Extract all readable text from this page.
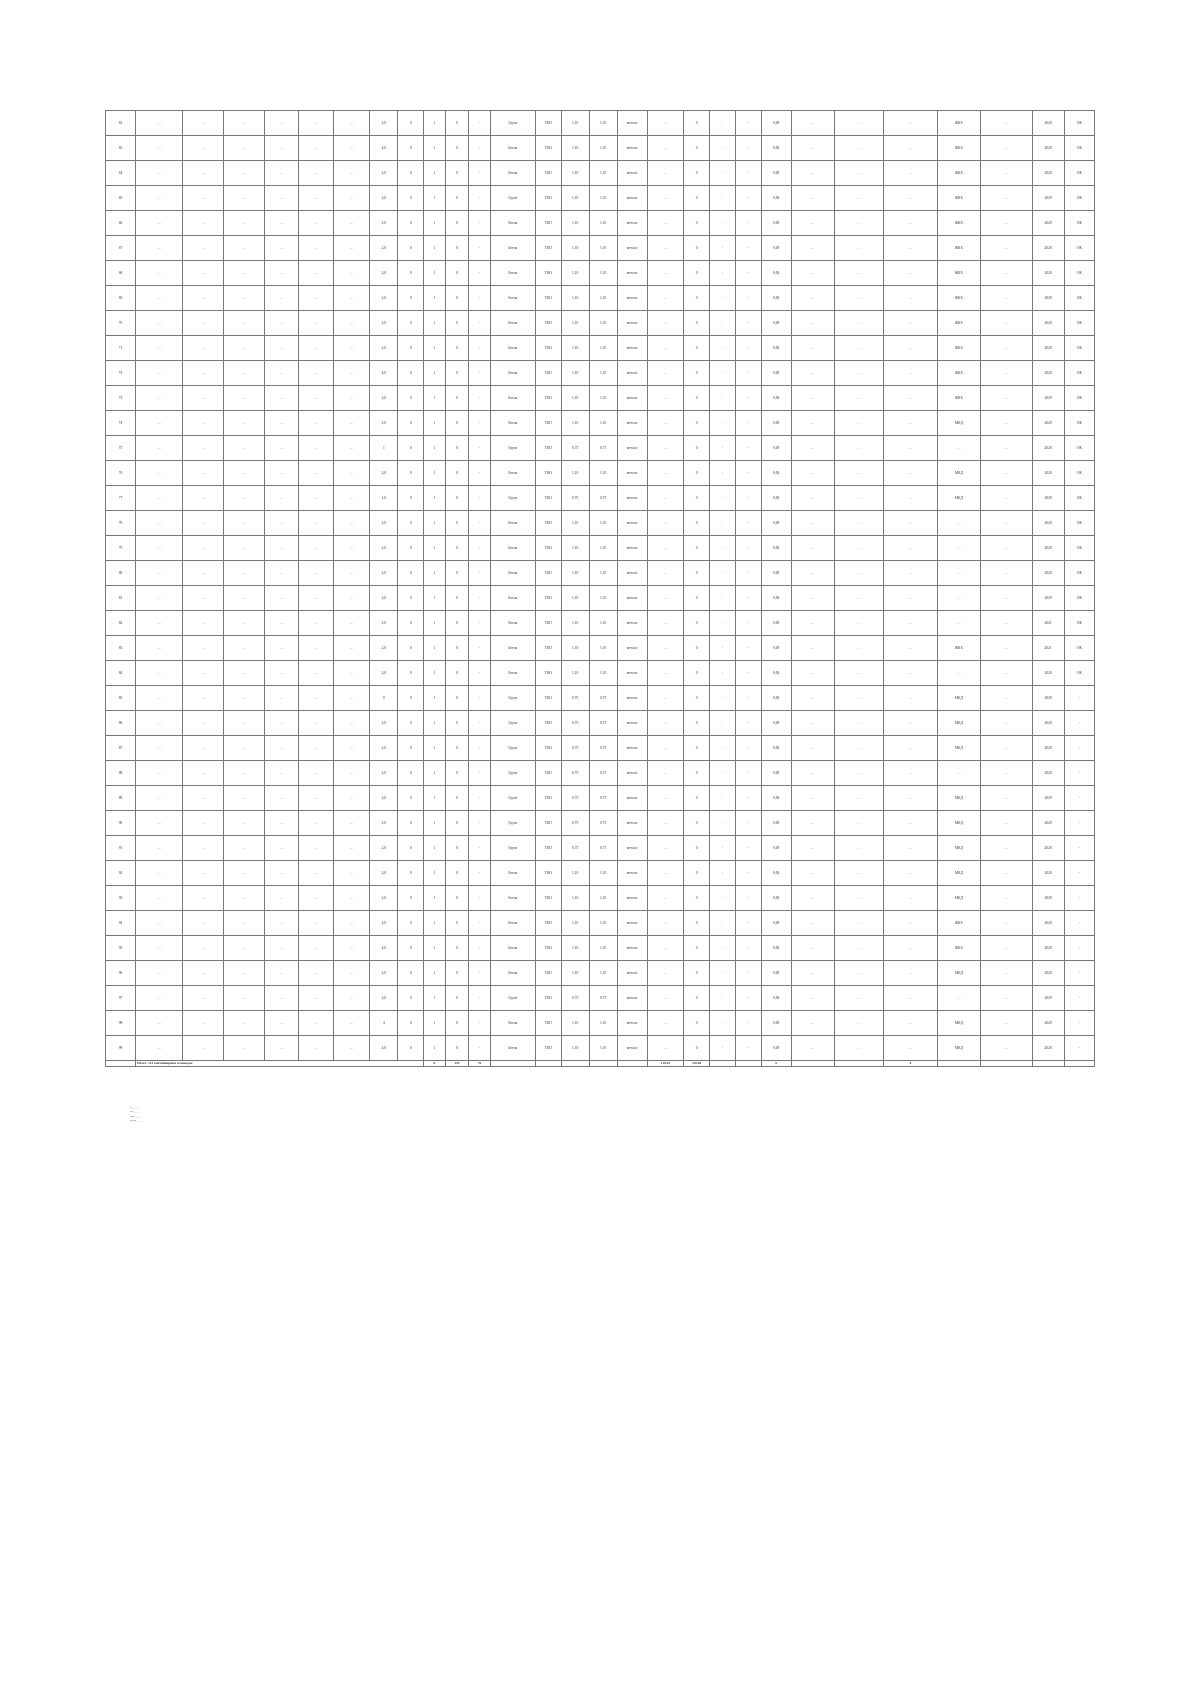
62	…	…	…	…	…	…	2,0	0	1	0	-	Грунт	ТКО	1,10	1,10	металл	…	0	-	-	0,00	…	…	…	ЖКХ	…	2020	ОК
63	…	…	…	…	…	…	4,0	0	1	0	-	Бетон	ТКО	1,10	1,10	металл	…	0	-	-	0,00	…	…	…	ЖКХ	…	2020	ОК
64	…	…	…	…	…	…	2,0	0	1	0	-	Бетон	ТКО	1,10	1,10	металл	…	0	-	-	0,00	…	…	…	ЖКХ	…	2020	ОК
65	…	…	…	…	…	…	2,0	0	1	0	-	Грунт	ТКО	1,10	1,10	металл	…	0	-	-	0,00	…	…	…	ЖКХ	…	2020	ОК
66	…	…	…	…	…	…	2,0	0	1	0	-	Бетон	ТКО	1,10	1,10	металл	…	0	-	-	0,00	…	…	…	ЖКХ	…	2020	ОК
67	…	…	…	…	…	…	2,0	0	1	0	-	Бетон	ТКО	1,10	1,10	металл	…	0	-	-	0,00	…	…	…	ЖКХ	…	2020	ОК
68	…	…	…	…	…	…	2,0	0	1	0	-	Бетон	ТКО	1,10	1,10	металл	…	0	-	-	0,00	…	…	…	ЖКХ	…	2020	ОК
69	…	…	…	…	…	…	2,0	0	1	0	-	Бетон	ТКО	1,10	1,10	металл	…	0	-	-	0,00	…	…	…	ЖКХ	…	2020	ОК
70	…	…	…	…	…	…	2,0	0	1	0	-	Бетон	ТКО	1,10	1,10	металл	…	0	-	-	0,00	…	…	…	ЖКХ	…	2020	ОК
71	…	…	…	…	…	…	2,0	0	1	0	-	Бетон	ТКО	1,10	1,10	металл	…	0	-	-	0,00	…	…	…	ЖКХ	…	2020	ОК
72	…	…	…	…	…	…	4,0	0	1	0	-	Бетон	ТКО	1,10	1,10	металл	…	0	-	-	0,00	…	…	…	ЖКХ	…	2020	ОК
73	…	…	…	…	…	…	2,0	0	1	0	-	Бетон	ТКО	1,10	1,10	металл	…	0	-	-	0,00	…	…	…	ЖКХ	…	2020	ОК
74	…	…	…	…	…	…	2,0	0	1	0	-	Бетон	ТКО	1,10	1,10	металл	…	0	-	-	0,00	…	…	…	МКД	…	2020	ОК
75	…	…	…	…	…	…	1	0	1	0	-	Грунт	ТКО	0,75	0,75	металл	…	0	-	-	0,00	…	…	…	…	…	2020	ОК
76	…	…	…	…	…	…	2,0	0	1	0	-	Бетон	ТКО	1,10	1,10	металл	…	0	-	-	0,00	…	…	…	МКД	…	2020	ОК
77	…	…	…	…	…	…	1,0	0	1	0	-	Грунт	ТКО	0,75	0,75	металл	…	0	-	-	0,00	…	…	…	МКД	…	2020	ОК
78	…	…	…	…	…	…	2,0	0	1	0	-	Бетон	ТКО	1,10	1,10	металл	…	0	-	-	0,00	…	…	…	…	…	2020	ОК
79	…	…	…	…	…	…	2,0	0	1	0	-	Бетон	ТКО	1,10	1,10	металл	…	0	-	-	0,00	…	…	…	…	…	2020	ОК
80	…	…	…	…	…	…	2,0	0	1	0	-	Бетон	ТКО	1,10	1,10	металл	…	0	-	-	0,00	…	…	…	…	…	2020	ОК
81	…	…	…	…	…	…	2,0	0	1	0	-	Бетон	ТКО	1,10	1,10	металл	…	0	-	-	0,00	…	…	…	…	…	2020	ОК
82	…	…	…	…	…	…	2,0	0	1	0	-	Бетон	ТКО	1,10	1,10	металл	…	0	-	-	0,00	…	…	…	…	…	2021	ОК
83	…	…	…	…	…	…	2,0	0	1	0	-	Бетон	ТКО	1,10	1,10	металл	…	0	-	-	0,00	…	…	…	ЖКХ	…	2021	ОК
84	…	…	…	…	…	…	2,0	0	1	0	-	Бетон	ТКО	1,10	1,10	металл	…	0	-	-	0,00	…	…	…	…	…	2020	ОК
85	…	…	…	…	…	…	0	0	1	0	-	Грунт	ТКО	0,75	0,75	металл	…	0	-	-	0,00	…	…	…	МКД	…	2020	-
86	…	…	…	…	…	…	2,0	0	1	0	-	Грунт	ТКО	0,75	0,75	металл	…	0	-	-	0,00	…	…	…	МКД	…	2020	-
87	…	…	…	…	…	…	2,0	0	1	0	-	Грунт	ТКО	0,75	0,75	металл	…	0	-	-	0,00	…	…	…	МКД	…	2020	-
88	…	…	…	…	…	…	2,0	0	1	0	-	Грунт	ТКО	0,75	0,75	металл	…	0	-	-	0,00	…	…	…	…	…	2020	-
89	…	…	…	…	…	…	2,0	0	1	0	-	Грунт	ТКО	0,75	0,75	металл	…	0	-	-	0,00	…	…	…	МКД	…	2020	-
90	…	…	…	…	…	…	2,0	0	1	0	-	Грунт	ТКО	0,75	0,75	металл	…	0	-	-	0,00	…	…	…	МКД	…	2020	-
91	…	…	…	…	…	…	2,0	0	1	0	-	Грунт	ТКО	0,75	0,75	металл	…	0	-	-	0,00	…	…	…	МКД	…	2020	-
92	…	…	…	…	…	…	2,0	0	1	0	-	Бетон	ТКО	1,10	1,10	металл	…	0	-	-	0,00	…	…	…	МКД	…	2020	-
93	…	…	…	…	…	…	2,0	0	1	0	-	Бетон	ТКО	1,10	1,10	металл	…	0	-	-	0,00	…	…	…	МКД	…	2020	-
94	…	…	…	…	…	…	4,0	0	1	0	-	Бетон	ТКО	1,10	1,10	металл	…	0	-	-	0,00	…	…	…	ЖКХ	…	2020	-
95	…	…	…	…	…	…	4,0	0	1	0	-	Бетон	ТКО	1,10	1,10	металл	…	0	-	-	0,00	…	…	…	ЖКХ	…	2020	-
96	…	…	…	…	…	…	2,0	0	1	0	-	Бетон	ТКО	1,10	1,10	металл	…	0	-	-	0,00	…	…	…	МКД	…	2020	-
97	…	…	…	…	…	…	2,0	0	1	0	-	Грунт	ТКО	0,75	0,75	металл	…	0	-	-	0,00	…	…	…	…	…	2020	-
98	…	…	…	…	…	…	4	0	1	0	-	Бетон	ТКО	1,10	1,10	металл	…	0	-	-	0,00	…	…	…	МКД	…	2020	-
99	…	…	…	…	…	…	4,0	0	1	0	-	Бетон	ТКО	1,10	1,10	металл	…	0	-	-	0,00	…	…	…	МКД	…	2020	-
	Итого: 114 контейнерных площадок								0	153	76						110,05	110,00			0			0				
* – …
** – …
*** – …
**** – …
